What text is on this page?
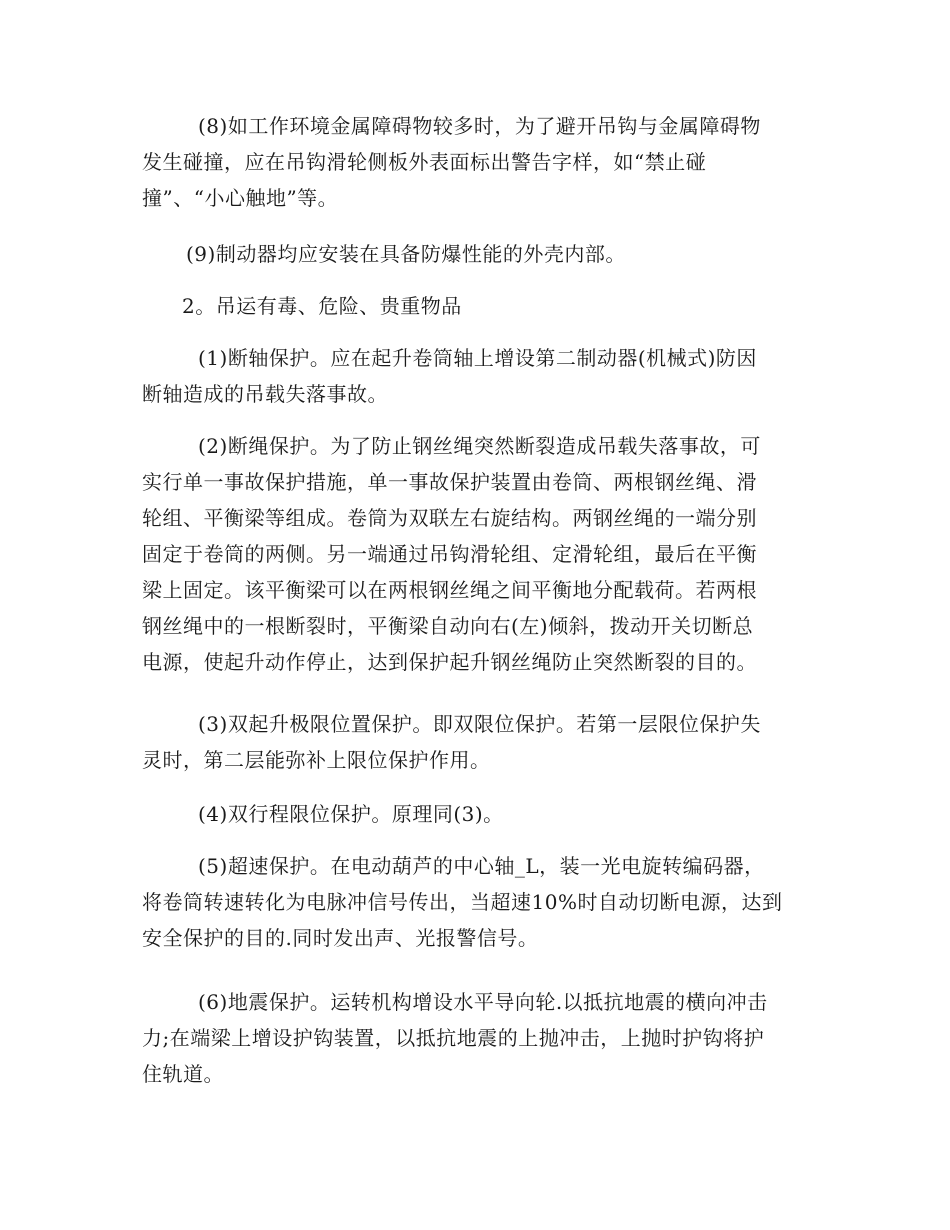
(8)如工作环境金属障碍物较多时，为了避开吊钩与金属障碍物
发生碰撞，应在吊钩滑轮侧板外表面标出警告字样，如“禁止碰
撞”、“小心触地”等。
(9)制动器均应安装在具备防爆性能的外壳内部。
2。吊运有毒、危险、贵重物品
(1)断轴保护。应在起升卷筒轴上增设第二制动器(机械式)防因
断轴造成的吊载失落事故。
(2)断绳保护。为了防止钢丝绳突然断裂造成吊载失落事故，可
实行单一事故保护措施，单一事故保护装置由卷筒、两根钢丝绳、滑
轮组、平衡梁等组成。卷筒为双联左右旋结构。两钢丝绳的一端分别
固定于卷筒的两侧。另一端通过吊钩滑轮组、定滑轮组，最后在平衡
梁上固定。该平衡梁可以在两根钢丝绳之间平衡地分配载荷。若两根
钢丝绳中的一根断裂时，平衡梁自动向右(左)倾斜，拨动开关切断总
电源，使起升动作停止，达到保护起升钢丝绳防止突然断裂的目的。
(3)双起升极限位置保护。即双限位保护。若第一层限位保护失
灵时，第二层能弥补上限位保护作用。
(4)双行程限位保护。原理同(3)。
(5)超速保护。在电动葫芦的中心轴_L，装一光电旋转编码器，
将卷筒转速转化为电脉冲信号传出，当超速10%时自动切断电源，达到
安全保护的目的.同时发出声、光报警信号。
(6)地震保护。运转机构增设水平导向轮.以抵抗地震的横向冲击
力;在端梁上增设护钩装置，以抵抗地震的上抛冲击，上抛时护钩将护
住轨道。
